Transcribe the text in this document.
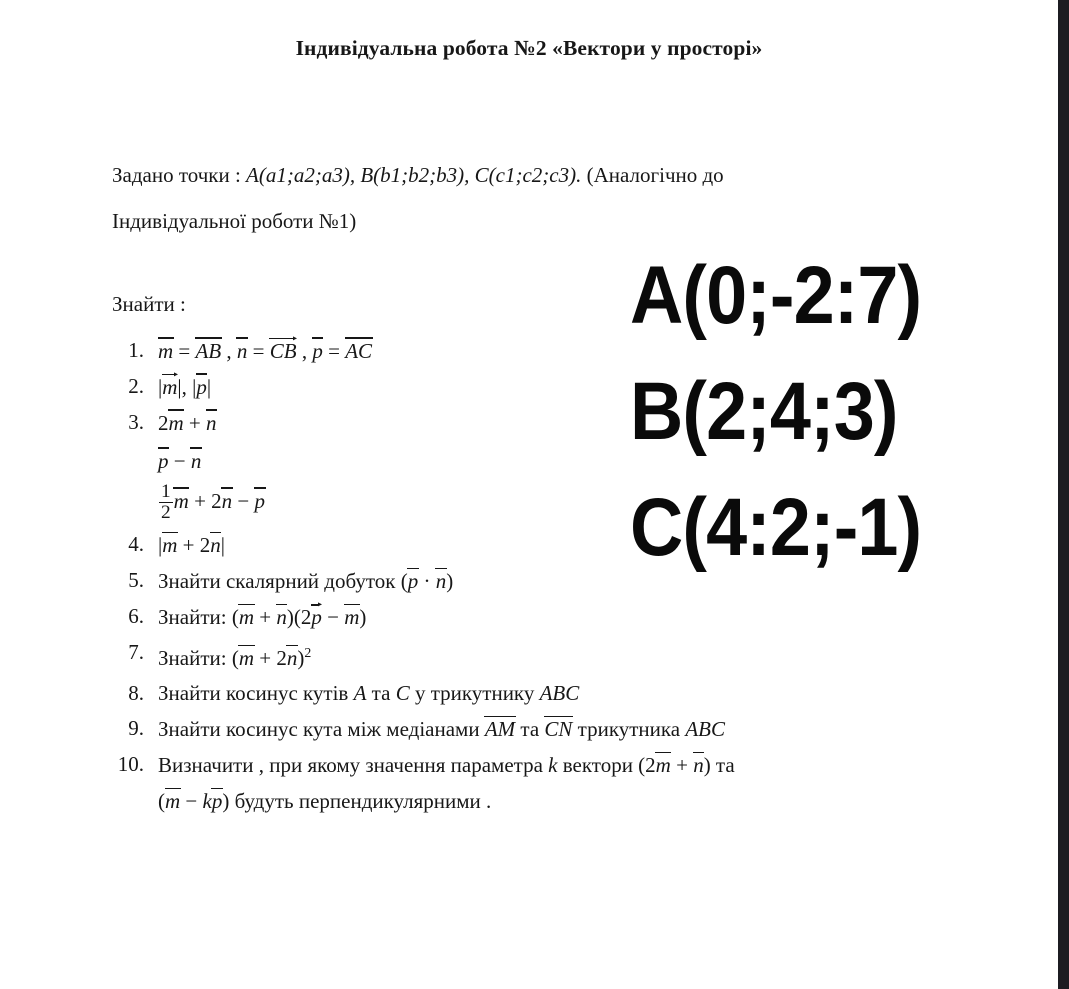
Індивідуальна робота №2 «Вектори у просторі»
Задано точки : A(a1;a2;a3), B(b1;b2;b3), C(c1;c2;c3). (Аналогічно до
Індивідуальної роботи №1)
Знайти :
1. m = AB , n = CB , p = AC
2. |m|, |p|
3. 2m + n
p − n
$\frac{1}{2}$ m + 2n − p
4. |m + 2n|
5. Знайти скалярний добуток (p · n)
6. Знайти: (m + n)(2p − m)
7. Знайти: $(m + 2n)^2$
8. Знайти косинус кутів A та C у трикутнику ABC
9. Знайти косинус кута між медіанами AM та CN трикутника ABC
10. Визначити , при якому значення параметра k вектори (2m + n) та
(m − kp) будуть перпендикулярними .
A(0;-2:7)
B(2;4;3)
C(4:2;-1)
